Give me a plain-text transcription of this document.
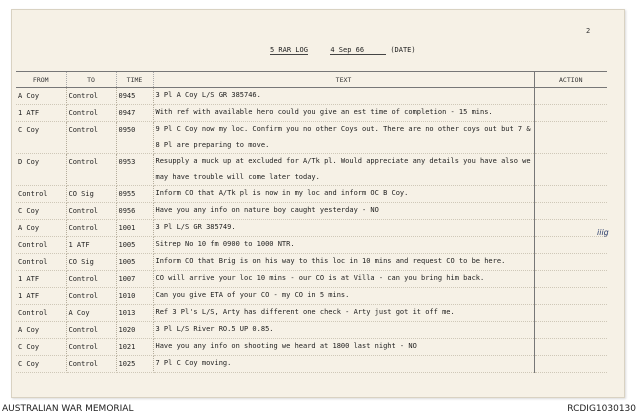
2
5 RAR LOG	4 Sep 66	(DATE)
FROM	TO	TIME	TEXT	ACTION
A Coy	Control	0945	3 Pl A Coy L/S GR 385746.	
1 ATF	Control	0947	With ref with available hero could you give an est time of completion - 15 mins.	
C Coy	Control	0950	9 Pl C Coy now my loc. Confirm you no other Coys out. There are no other coys out but 7 & 8 Pl are preparing to move.	
D Coy	Control	0953	Resupply a muck up at excluded for A/Tk pl. Would appreciate any details you have also we may have trouble will come later today.	
Control	CO Sig	0955	Inform CO that A/Tk pl is now in my loc and inform OC B Coy.	
C Coy	Control	0956	Have you any info on nature boy caught yesterday - NO	
A Coy	Control	1001	3 Pl L/S GR 385749.	
Control	1 ATF	1005	Sitrep No 10 fm 0900 to 1000 NTR.	
Control	CO Sig	1005	Inform CO that Brig is on his way to this loc in 10 mins and request CO to be here.	
1 ATF	Control	1007	CO will arrive your loc 10 mins - our CO is at Villa - can you bring him back.	
1 ATF	Control	1010	Can you give ETA of your CO - my CO in 5 mins.	
Control	A Coy	1013	Ref 3 Pl's L/S, Arty has different one check - Arty just got it off me.	
A Coy	Control	1020	3 Pl L/S River RO.5 UP 0.85.	
C Coy	Control	1021	Have you any info on shooting we heard at 1800 last night - NO	
C Coy	Control	1025	7 Pl C Coy moving.	
iiig
AUSTRALIAN WAR MEMORIAL	RCDIG1030130
